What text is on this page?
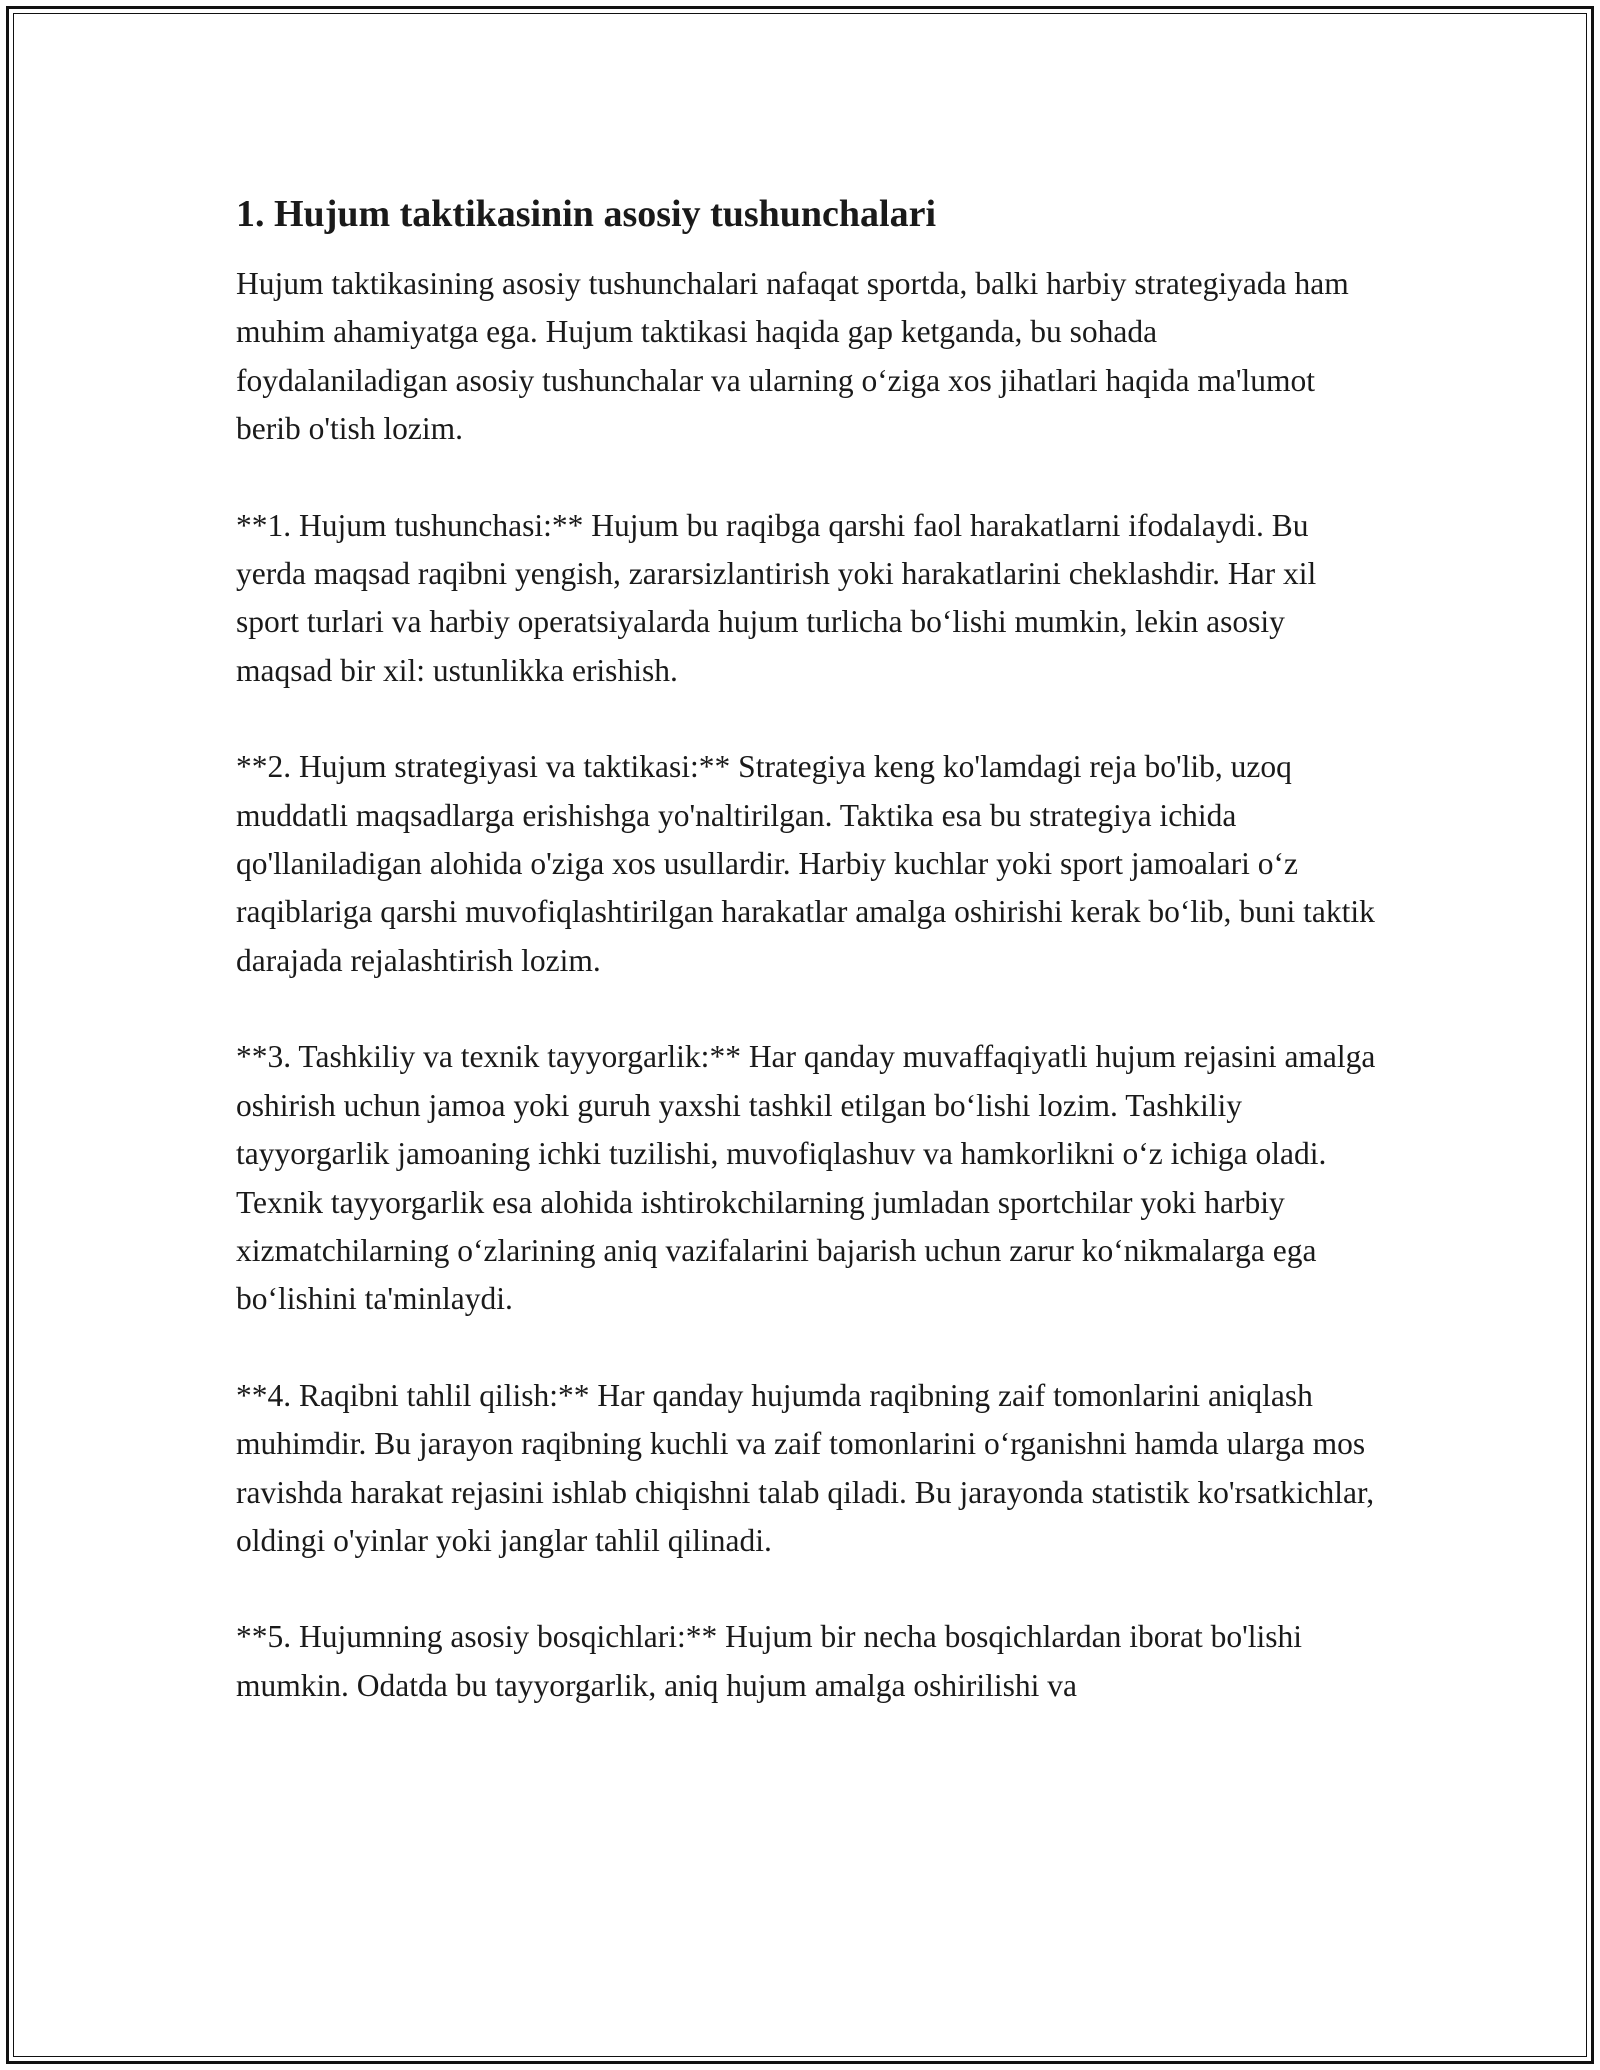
1. Hujum taktikasinin asosiy tushunchalari

Hujum taktikasining asosiy tushunchalari nafaqat sportda, balki harbiy strategiyada ham muhim ahamiyatga ega. Hujum taktikasi haqida gap ketganda, bu sohada foydalaniladigan asosiy tushunchalar va ularning o‘ziga xos jihatlari haqida ma'lumot berib o'tish lozim.

**1. Hujum tushunchasi:** Hujum bu raqibga qarshi faol harakatlarni ifodalaydi. Bu yerda maqsad raqibni yengish, zararsizlantirish yoki harakatlarini cheklashdir. Har xil sport turlari va harbiy operatsiyalarda hujum turlicha bo‘lishi mumkin, lekin asosiy maqsad bir xil: ustunlikka erishish.

**2. Hujum strategiyasi va taktikasi:** Strategiya keng ko'lamdagi reja bo'lib, uzoq muddatli maqsadlarga erishishga yo'naltirilgan. Taktika esa bu strategiya ichida qo'llaniladigan alohida o'ziga xos usullardir. Harbiy kuchlar yoki sport jamoalari o‘z raqiblariga qarshi muvofiqlashtirilgan harakatlar amalga oshirishi kerak bo‘lib, buni taktik darajada rejalashtirish lozim.

**3. Tashkiliy va texnik tayyorgarlik:** Har qanday muvaffaqiyatli hujum rejasini amalga oshirish uchun jamoa yoki guruh yaxshi tashkil etilgan bo‘lishi lozim. Tashkiliy tayyorgarlik jamoaning ichki tuzilishi, muvofiqlashuv va hamkorlikni o‘z ichiga oladi. Texnik tayyorgarlik esa alohida ishtirokchilarning jumladan sportchilar yoki harbiy xizmatchilarning o‘zlarining aniq vazifalarini bajarish uchun zarur ko‘nikmalarga ega bo‘lishini ta'minlaydi.

**4. Raqibni tahlil qilish:** Har qanday hujumda raqibning zaif tomonlarini aniqlash muhimdir. Bu jarayon raqibning kuchli va zaif tomonlarini o‘rganishni hamda ularga mos ravishda harakat rejasini ishlab chiqishni talab qiladi. Bu jarayonda statistik ko'rsatkichlar, oldingi o'yinlar yoki janglar tahlil qilinadi.

**5. Hujumning asosiy bosqichlari:** Hujum bir necha bosqichlardan iborat bo'lishi mumkin. Odatda bu tayyorgarlik, aniq hujum amalga oshirilishi va
